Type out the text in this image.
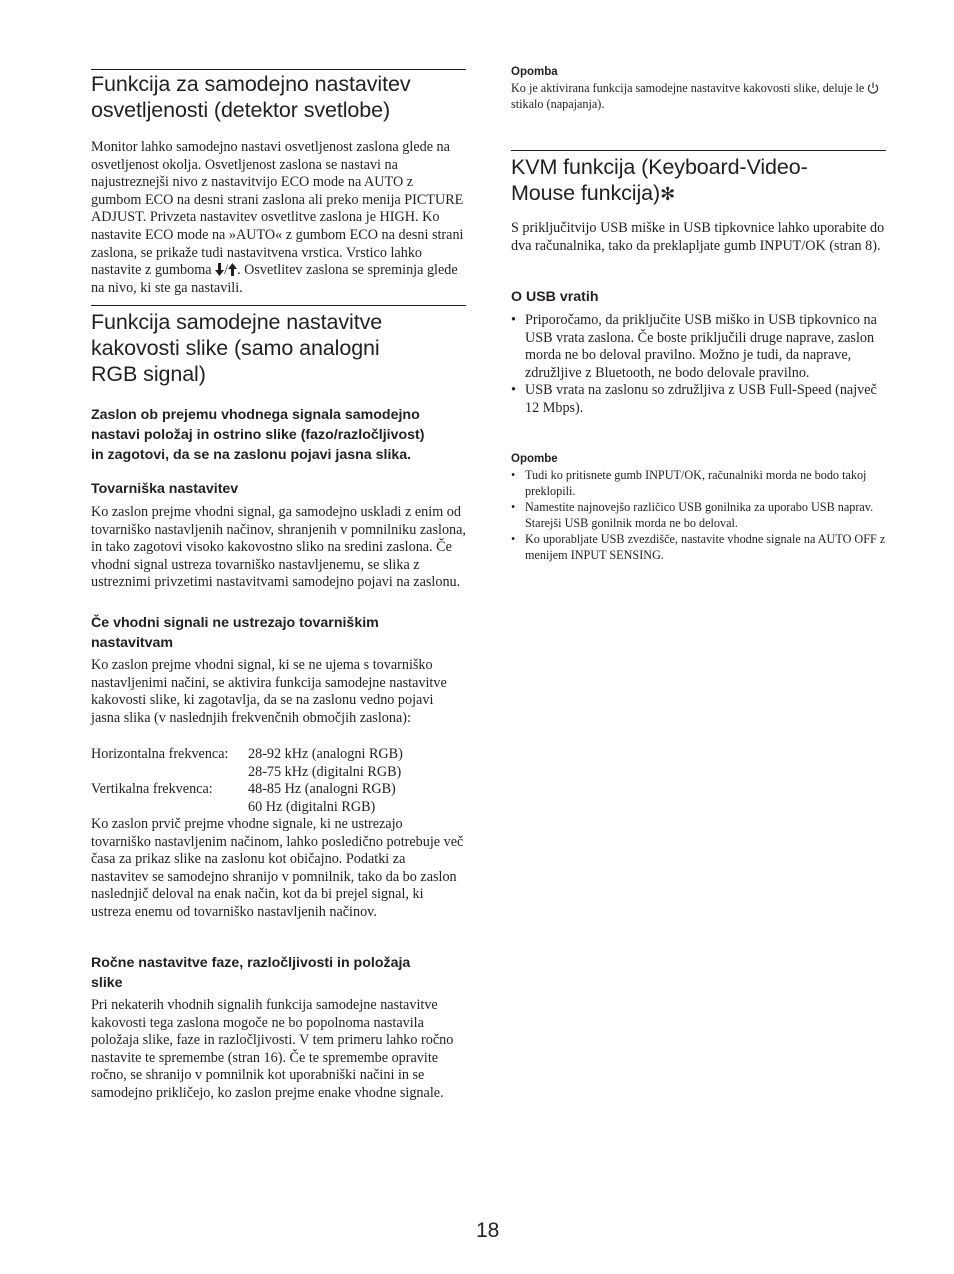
Funkcija za samodejno nastavitev
osvetljenosti (detektor svetlobe)

Monitor lahko samodejno nastavi osvetljenost zaslona glede na osvetljenost okolja. Osvetljenost zaslona se nastavi na najustreznejši nivo z nastavitvijo ECO mode na AUTO z gumbom ECO na desni strani zaslona ali preko menija PICTURE ADJUST. Privzeta nastavitev osvetlitve zaslona je HIGH. Ko nastavite ECO mode na »AUTO« z gumbom ECO na desni strani zaslona, se prikaže tudi nastavitvena vrstica. Vrstico lahko nastavite z gumboma / . Osvetlitev zaslona se spreminja glede na nivo, ki ste ga nastavili.

Funkcija samodejne nastavitve
kakovosti slike (samo analogni
RGB signal)
Zaslon ob prejemu vhodnega signala samodejno
nastavi položaj in ostrino slike (fazo/razločljivost)
in zagotovi, da se na zaslonu pojavi jasna slika.
Tovarniška nastavitev

Ko zaslon prejme vhodni signal, ga samodejno uskladi z enim od tovarniško nastavljenih načinov, shranjenih v pomnilniku zaslona, in tako zagotovi visoko kakovostno sliko na sredini zaslona. Če vhodni signal ustreza tovarniško nastavljenemu, se slika z ustreznimi privzetimi nastavitvami samodejno pojavi na zaslonu.

Če vhodni signali ne ustrezajo tovarniškim
nastavitvam

Ko zaslon prejme vhodni signal, ki se ne ujema s tovarniško nastavljenimi načini, se aktivira funkcija samodejne nastavitve kakovosti slike, ki zagotavlja, da se na zaslonu vedno pojavi jasna slika (v naslednjih frekvenčnih območjih zaslona):

Horizontalna frekvenca: 28-92 kHz (analogni RGB)
28-75 kHz (digitalni RGB)
Vertikalna frekvenca: 48-85 Hz (analogni RGB)
60 Hz (digitalni RGB)

Ko zaslon prvič prejme vhodne signale, ki ne ustrezajo tovarniško nastavljenim načinom, lahko posledično potrebuje več časa za prikaz slike na zaslonu kot običajno. Podatki za nastavitev se samodejno shranijo v pomnilnik, tako da bo zaslon naslednjič deloval na enak način, kot da bi prejel signal, ki ustreza enemu od tovarniško nastavljenih načinov.

Ročne nastavitve faze, razločljivosti in položaja
slike

Pri nekaterih vhodnih signalih funkcija samodejne nastavitve kakovosti tega zaslona mogoče ne bo popolnoma nastavila položaja slike, faze in razločljivosti. V tem primeru lahko ročno nastavite te spremembe (stran 16). Če te spremembe opravite ročno, se shranijo v pomnilnik kot uporabniški načini in se samodejno prikličejo, ko zaslon prejme enake vhodne signale.

Opomba

Ko je aktivirana funkcija samodejne nastavitve kakovosti slike, deluje le  stikalo (napajanja).

KVM funkcija (Keyboard-Video-
Mouse funkcija)✻

S priključitvijo USB miške in USB tipkovnice lahko uporabite do dva računalnika, tako da preklapljate gumb INPUT/OK (stran 8).

O USB vratih
• Priporočamo, da priključite USB miško in USB tipkovnico na USB vrata zaslona. Če boste priključili druge naprave, zaslon morda ne bo deloval pravilno. Možno je tudi, da naprave, združljive z Bluetooth, ne bodo delovale pravilno.
• USB vrata na zaslonu so združljiva z USB Full-Speed (največ 12 Mbps).
Opombe
• Tudi ko pritisnete gumb INPUT/OK, računalniki morda ne bodo takoj preklopili.
• Namestite najnovejšo različico USB gonilnika za uporabo USB naprav. Starejši USB gonilnik morda ne bo deloval.
• Ko uporabljate USB zvezdišče, nastavite vhodne signale na AUTO OFF z menijem INPUT SENSING.
18
